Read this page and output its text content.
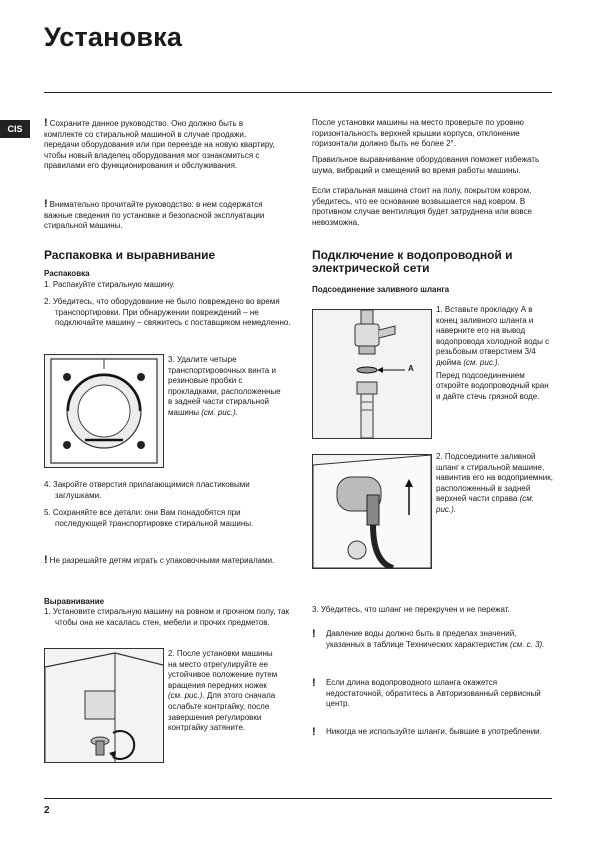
Установка
CIS	! Сохраните данное руководство. Оно должно быть в комплекте со стиральной машиной в случае продажи, передачи оборудования или при переезде на новую квартиру, чтобы новый владелец оборудования мог ознакомиться с правилами его функционирования и обслуживания.
! Внимательно прочитайте руководство: в нем содержатся важные сведения по установке и безопасной эксплуатации стиральной машины.
Распаковка и выравнивание
Распаковка
1. Распакуйте стиральную машину.
2. Убедитесь, что оборудование не было повреждено во время транспортировки. При обнаружении повреждений – не подключайте машину – свяжитесь с поставщиком немедленно.
3. Удалите четыре транспортировочных винта и резиновые пробки с прокладками, расположенные в задней части стиральной машины (см. рис.).
4. Закройте отверстия прилагающимися пластиковыми заглушками.
5. Сохраняйте все детали: они Вам понадобятся при последующей транспортировке стиральной машины.
! Не разрешайте детям играть с упаковочными материалами.
Выравнивание
1. Установите стиральную машину на ровном и прочном полу, так чтобы она не касалась стен, мебели и прочих предметов.
2. После установки машины на место отрегулируйте ее устойчивое положение путем вращения передних ножек (см. рис.). Для этого сначала ослабьте контргайку, после завершения регулировки контргайку затяните.
После установки машины на место проверьте по уровню горизонтальность верхней крышки корпуса, отклонение горизонтали должно быть не более 2°.
Правильное выравнивание оборудования поможет избежать шума, вибраций и смещений во время работы машины.
Если стиральная машина стоит на полу, покрытом ковром, убедитесь, что ее основание возвышается над ковром. В противном случае вентиляция будет затруднена или вовсе невозможна.
Подключение к водопроводной и электрической сети
Подсоединение заливного шланга
A
1. Вставьте прокладку А в конец заливного шланга и наверните его на вывод водопровода холодной воды с резьбовым отверстием 3/4 дюйма (см. рис.).
Перед подсоединением откройте водопроводный кран и дайте стечь грязной воде.
2. Подсоедините заливной шланг к стиральной машине, навинтив его на водоприемник, расположенный в задней верхней части справа (см. рис.).
3. Убедитесь, что шланг не перекручен и не пережат.
!	Давление воды должно быть в пределах значений, указанных в таблице Технических характеристик (см. с. 3).
!	Если длина водопроводного шланга окажется недостаточной, обратитесь в Авторизованный сервисный центр.
!	Никогда не используйте шланги, бывшие в употреблении.
2
